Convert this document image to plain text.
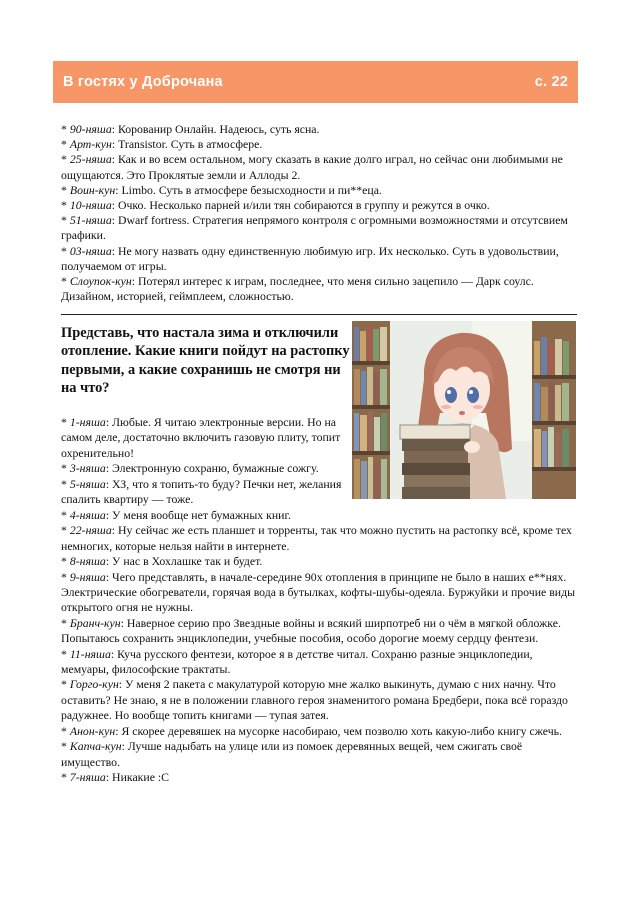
В гостях у Доброчана	с. 22

* 90-няша: Корованир Онлайн. Надеюсь, суть ясна.

* Арт-кун: Transistor. Суть в атмосфере.

* 25-няша: Как и во всем остальном, могу сказать в какие долго играл, но сейчас они любимыми не ощущаются. Это Проклятые земли и Аллоды 2.

* Воин-кун: Limbo. Суть в атмосфере безысходности и пи**еца.

* 10-няша: Очко. Несколько парней и/или тян собираются в группу и режутся в очко.

* 51-няша: Dwarf fortress. Стратегия непрямого контроля с огромными возможностями и отсутсвием графики.

* 03-няша: Не могу назвать одну единственную любимую игр. Их несколько. Суть в удовольствии, получаемом от игры.

* Слоупок-кун: Потерял интерес к играм, последнее, что меня сильно зацепило — Дарк соулс. Дизайном, историей, геймплеем, сложностью.

Представь, что настала зима и отключили отопление. Какие книги пойдут на растопку первыми, а какие сохранишь не смотря ни на что?

* 1-няша: Любые. Я читаю электронные версии. Но на самом деле, достаточно включить газовую плиту, топит охренительно!

* 3-няша: Электронную сохраню, бумажные сожгу.

* 5-няша: ХЗ, что я топить-то буду? Печки нет, желания спалить квартиру — тоже.

* 4-няша: У меня вообще нет бумажных книг.

* 22-няша: Ну сейчас же есть планшет и торренты, так что можно пустить на растопку всё, кроме тех немногих, которые нельзя найти в интернете.

* 8-няша: У нас в Хохлашке так и будет.

* 9-няша: Чего представлять, в начале-середине 90х отопления в принципе не было в наших е**нях. Электрические обогреватели, горячая вода в бутылках, кофты-шубы-одеяла. Буржуйки и прочие виды открытого огня не нужны.

* Бранч-кун: Наверное серию про Звездные войны и всякий ширпотреб ни о чём в мягкой обложке. Попытаюсь сохранить энциклопедии, учебные пособия, особо дорогие моему сердцу фентези.

* 11-няша: Куча русского фентези, которое я в детстве читал. Сохраню разные энциклопедии, мемуары, философские трактаты.

* Горго-кун: У меня 2 пакета с макулатурой которую мне жалко выкинуть, думаю с них начну. Что оставить? Не знаю, я не в положении главного героя знаменитого романа Бредбери, пока всё гораздо радужнее. Но вообще топить книгами — тупая затея.

* Анон-кун: Я скорее деревяшек на мусорке насобираю, чем позволю хоть какую-либо книгу сжечь.

* Капча-кун: Лучше надыбать на улице или из помоек деревянных вещей, чем сжигать своё имущество.

* 7-няша: Никакие :С
